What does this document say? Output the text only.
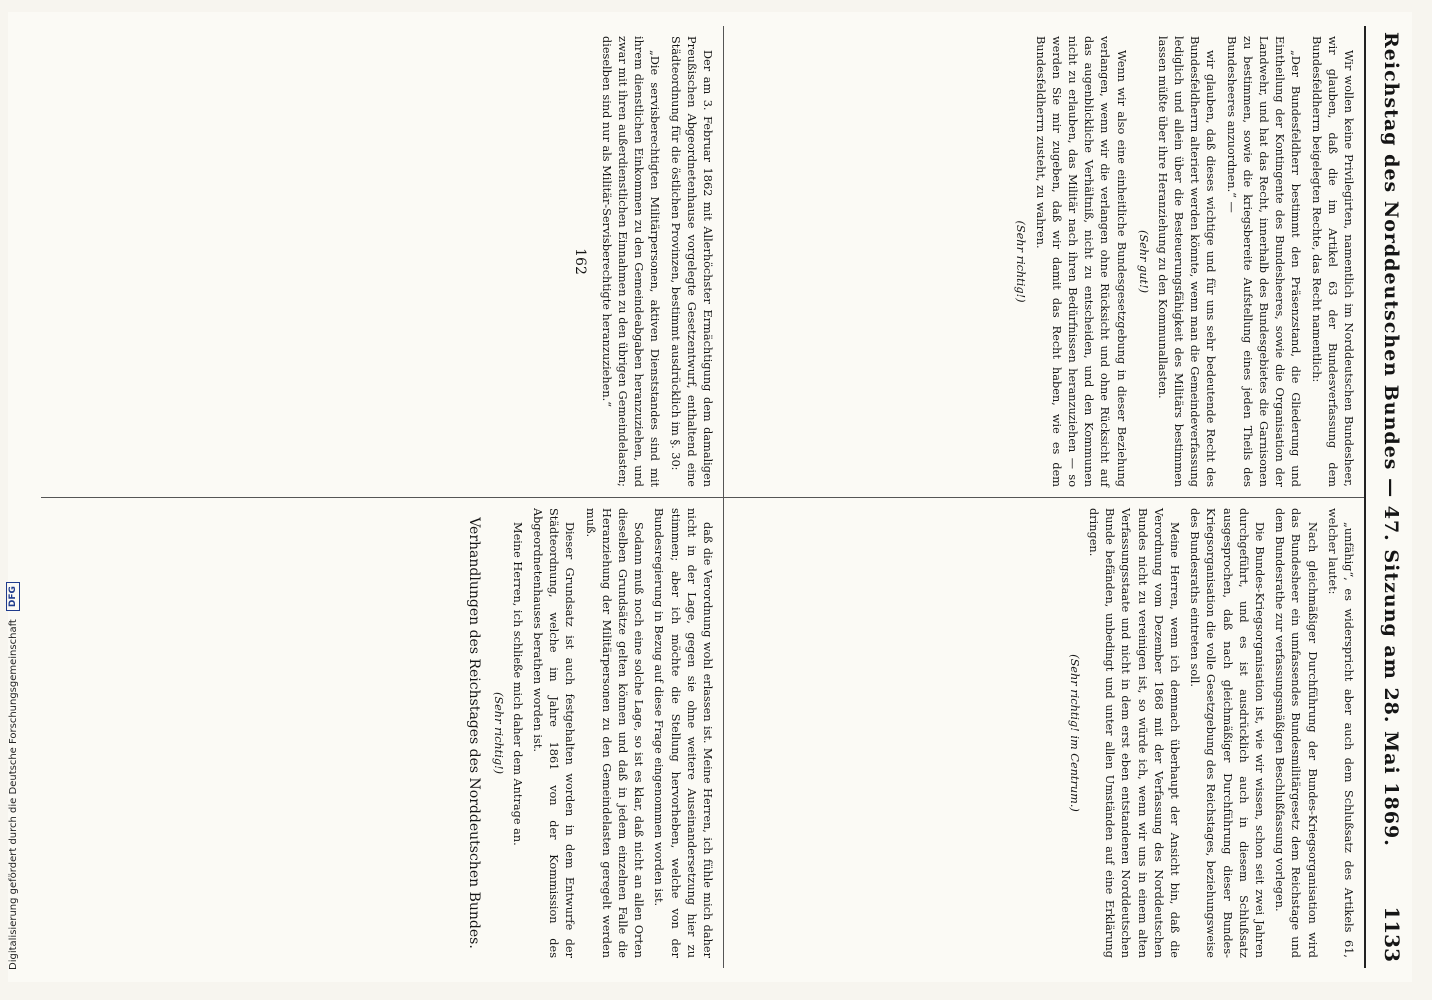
Reichstag des Norddeutschen Bundes — 47. Sitzung am 28. Mai 1869.
1133

Wir wollen keine Privilegirten, namentlich im Norddeutschen Bundesheer, wir glauben, daß die im Artikel 63 der Bundesverfassung dem Bundesfeldherrn beigelegten Rechte, das Recht namentlich:

„Der Bundesfeldherr bestimmt den Präsenzstand, die Gliederung und Eintheilung der Kontingente des Bundesheeres, sowie die Organisation der Landwehr, und hat das Recht, innerhalb des Bundesgebietes die Garnisonen zu bestimmen, sowie die kriegsbereite Aufstellung eines jeden Theils des Bundesheeres anzuordnen.“ —

wir glauben, daß dieses wichtige und für uns sehr bedeutende Recht des Bundesfeldherrn alteriert werden könnte, wenn man die Gemeindeverfassung lediglich und allein über die Besteuerungsfähigkeit des Militärs bestimmen lassen müßte über ihre Heranziehung zu den Kommunallasten.

(Sehr gut!)

Wenn wir also eine einheitliche Bundesgesetzgebung in dieser Beziehung verlangen, wenn wir die verlangen ohne Rücksicht und ohne Rücksicht auf das augenblickliche Verhältniß, nicht zu entscheiden, und den Kommunen nicht zu erlauben, das Militär nach ihren Bedürfnissen heranzuziehen — so werden Sie mir zugeben, daß wir damit das Recht haben, wie es dem Bundesfeldherrn zusteht, zu wahren.

(Sehr richtig!)

„unfähig“, es widerspricht aber auch dem Schlußsatz des Artikels 61, welcher lautet:

Nach gleichmäßiger Durchführung der Bundes-Kriegsorganisation wird das Bundesheer ein umfassendes Bundesmilitärgesetz dem Reichstage und dem Bundesrathe zur verfassungsmäßigen Beschlußfassung vorlegen.

Die Bundes-Kriegsorganisation ist, wie wir wissen, schon seit zwei Jahren durchgeführt, und es ist ausdrücklich auch in diesem Schlußsatz ausgesprochen, daß nach gleichmäßiger Durchführung dieser Bundes-Kriegsorganisation die volle Gesetzgebung des Reichstages, beziehungsweise des Bundesraths eintreten soll.

Meine Herren, wenn ich demnach überhaupt der Ansicht bin, daß die Verordnung vom Dezember 1868 mit der Verfassung des Norddeutschen Bundes nicht zu vereinigen ist, so würde ich, wenn wir uns in einem alten Verfassungsstaate und nicht in dem erst eben entstandenen Norddeutschen Bunde befänden, unbedingt und unter allen Umständen auf eine Erklärung dringen.

(Sehr richtig! im Centrum.)

Der am 3. Februar 1862 mit Allerhöchster Ermächtigung dem damaligen Preußischen Abgeordnetenhause vorgelegte Gesetzentwurf, enthaltend eine Städteordnung für die östlichen Provinzen, bestimmt ausdrücklich im §. 30:

„Die servisberechtigten Militärpersonen, aktiven Dienststandes sind mit ihrem dienstlichen Einkommen zu den Gemeindeabgaben heranzuziehen, und zwar mit ihren außerdienstlichen Einnahmen zu den übrigen Gemeindelasten; dieselben sind nur als Militär-Servisberechtigte heranzuziehen.“

162

daß die Verordnung wohl erlassen ist. Meine Herren, ich fühle mich daher nicht in der Lage, gegen sie ohne weitere Auseinandersetzung hier zu stimmen; aber ich möchte die Stellung hervorheben, welche von der Bundesregierung in Bezug auf diese Frage eingenommen worden ist.

Sodann muß noch eine solche Lage, so ist es klar, daß nicht an allen Orten dieselben Grundsätze gelten können und daß in jedem einzelnen Falle die Heranziehung der Militärpersonen zu den Gemeindelasten geregelt werden muß.

Dieser Grundsatz ist auch festgehalten worden in dem Entwurfe der Städteordnung, welche im Jahre 1861 von der Kommission des Abgeordnetenhauses berathen worden ist.

Meine Herren, ich schließe mich daher dem Antrage an.

(Sehr richtig!)
Verhandlungen des Reichstages des Norddeutschen Bundes.
Digitalisierung gefördert durch die Deutsche Forschungsgemeinschaft
DFG
